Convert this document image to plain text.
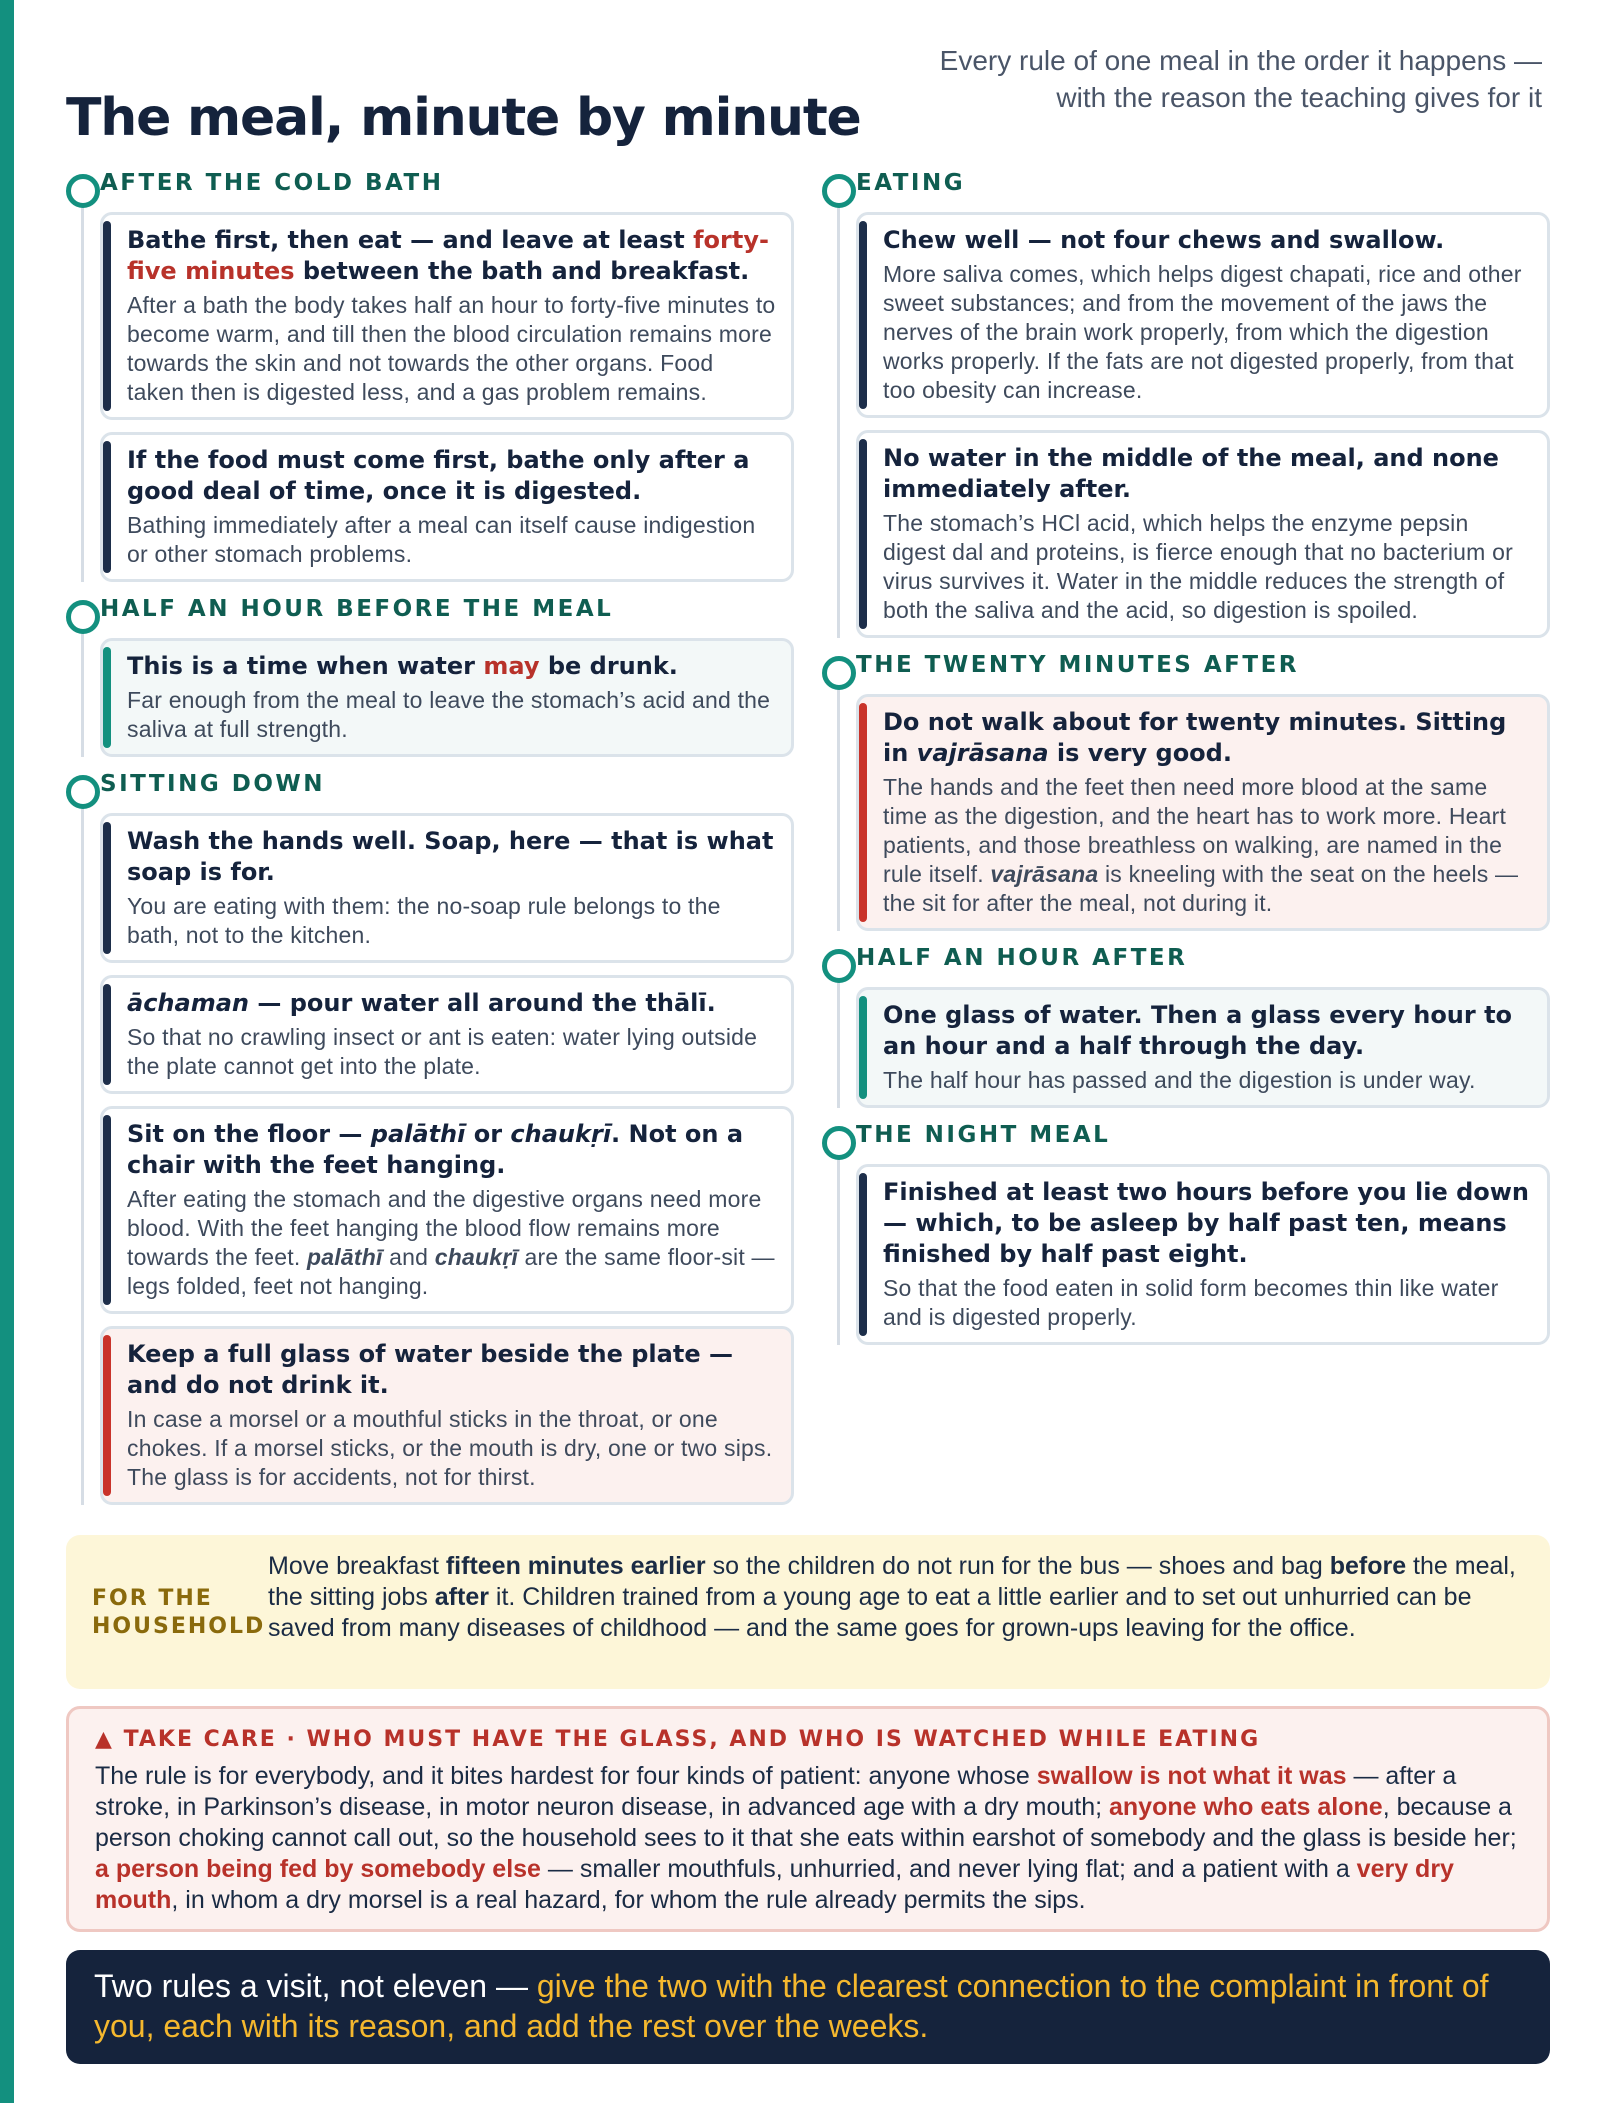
The meal, minute by minute
Every rule of one meal in the order it happens — with the reason the teaching gives for it
AFTER THE COLD BATH
Bathe first, then eat — and leave at least forty-five minutes between the bath and breakfast.
After a bath the body takes half an hour to forty-five minutes to become warm, and till then the blood circulation remains more towards the skin and not towards the other organs. Food taken then is digested less, and a gas problem remains.
If the food must come first, bathe only after a good deal of time, once it is digested.
Bathing immediately after a meal can itself cause indigestion or other stomach problems.
HALF AN HOUR BEFORE THE MEAL
This is a time when water may be drunk.
Far enough from the meal to leave the stomach’s acid and the saliva at full strength.
SITTING DOWN
Wash the hands well. Soap, here — that is what soap is for.
You are eating with them: the no-soap rule belongs to the bath, not to the kitchen.
āchaman — pour water all around the thālī.
So that no crawling insect or ant is eaten: water lying outside the plate cannot get into the plate.
Sit on the floor — palāthī or chaukṛī. Not on a chair with the feet hanging.
After eating the stomach and the digestive organs need more blood. With the feet hanging the blood flow remains more towards the feet. palāthī and chaukṛī are the same floor-sit — legs folded, feet not hanging.
Keep a full glass of water beside the plate — and do not drink it.
In case a morsel or a mouthful sticks in the throat, or one chokes. If a morsel sticks, or the mouth is dry, one or two sips. The glass is for accidents, not for thirst.
EATING
Chew well — not four chews and swallow.
More saliva comes, which helps digest chapati, rice and other sweet substances; and from the movement of the jaws the nerves of the brain work properly, from which the digestion works properly. If the fats are not digested properly, from that too obesity can increase.
No water in the middle of the meal, and none immediately after.
The stomach’s HCl acid, which helps the enzyme pepsin digest dal and proteins, is fierce enough that no bacterium or virus survives it. Water in the middle reduces the strength of both the saliva and the acid, so digestion is spoiled.
THE TWENTY MINUTES AFTER
Do not walk about for twenty minutes. Sitting in vajrāsana is very good.
The hands and the feet then need more blood at the same time as the digestion, and the heart has to work more. Heart patients, and those breathless on walking, are named in the rule itself. vajrāsana is kneeling with the seat on the heels — the sit for after the meal, not during it.
HALF AN HOUR AFTER
One glass of water. Then a glass every hour to an hour and a half through the day.
The half hour has passed and the digestion is under way.
THE NIGHT MEAL
Finished at least two hours before you lie down — which, to be asleep by half past ten, means finished by half past eight.
So that the food eaten in solid form becomes thin like water and is digested properly.
FOR THE HOUSEHOLD
Move breakfast fifteen minutes earlier so the children do not run for the bus — shoes and bag before the meal, the sitting jobs after it. Children trained from a young age to eat a little earlier and to set out unhurried can be saved from many diseases of childhood — and the same goes for grown-ups leaving for the office.
▲ TAKE CARE · WHO MUST HAVE THE GLASS, AND WHO IS WATCHED WHILE EATING
The rule is for everybody, and it bites hardest for four kinds of patient: anyone whose swallow is not what it was — after a stroke, in Parkinson’s disease, in motor neuron disease, in advanced age with a dry mouth; anyone who eats alone, because a person choking cannot call out, so the household sees to it that she eats within earshot of somebody and the glass is beside her; a person being fed by somebody else — smaller mouthfuls, unhurried, and never lying flat; and a patient with a very dry mouth, in whom a dry morsel is a real hazard, for whom the rule already permits the sips.
Two rules a visit, not eleven — give the two with the clearest connection to the complaint in front of you, each with its reason, and add the rest over the weeks.
